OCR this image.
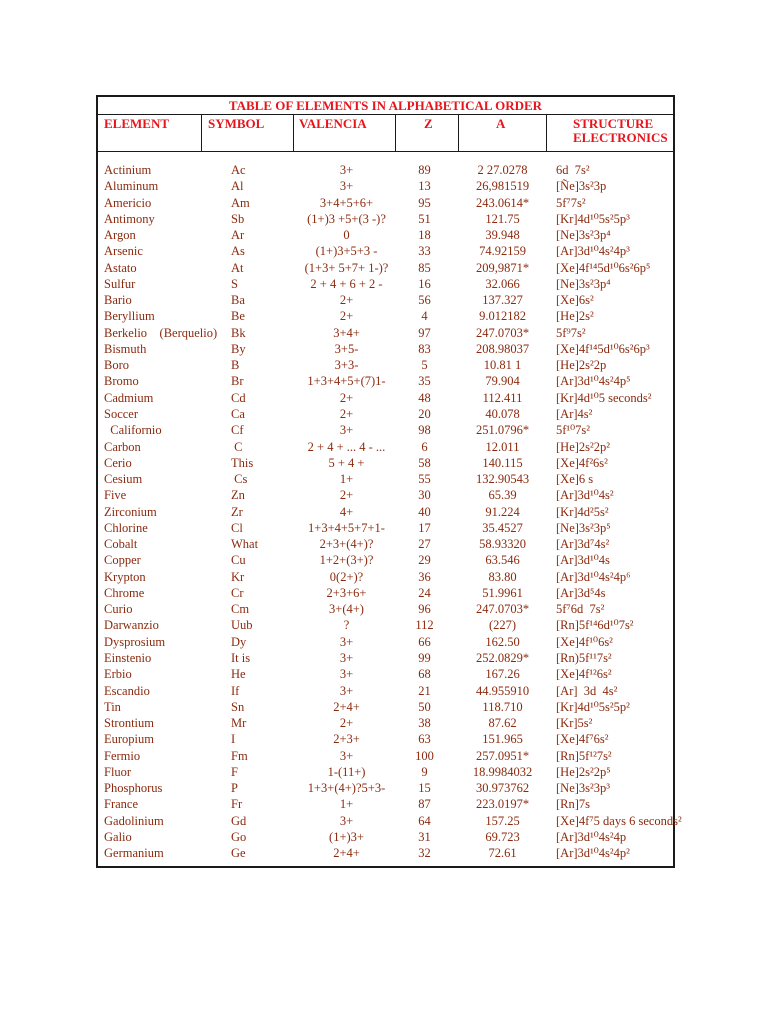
TABLE OF ELEMENTS IN ALPHABETICAL ORDER
ELEMENT	SYMBOL	VALENCIA	Z	A	STRUCTURE
ELECTRONICS
Actinium	Ac	3+	89	2 27.0278	6d  7s²
Aluminum	Al	3+	13	26,981519	[Ñe]3s²3p
Americio	Am	3+4+5+6+	95	243.0614*	5f⁷7s²
Antimony	Sb	(1+)3 +5+(3 -)?	51	121.75	[Kr]4d¹⁰5s²5p³
Argon	Ar	0	18	39.948	[Ne]3s²3p⁴
Arsenic	As	(1+)3+5+3 -	33	74.92159	[Ar]3d¹⁰4s²4p³
Astato	At	(1+3+ 5+7+ 1-)?	85	209,9871*	[Xe]4f¹⁴5d¹⁰6s²6p⁵
Sulfur	S	2 + 4 + 6 + 2 -	16	32.066	[Ne]3s²3p⁴
Bario	Ba	2+	56	137.327	[Xe]6s²
Beryllium	Be	2+	4	9.012182	[He]2s²
Berkelio    (Berquelio) Bk	3+4+	97	247.0703*	5f⁹7s²
Bismuth	By	3+5-	83	208.98037	[Xe]4f¹⁴5d¹⁰6s²6p³
Boro	B	3+3-	5	10.81 1	[He]2s²2p
Bromo	Br	1+3+4+5+(7)1-	35	79.904	[Ar]3d¹⁰4s²4p⁵
Cadmium	Cd	2+	48	112.411	[Kr]4d¹⁰5 seconds²
Soccer	Ca	2+	20	40.078	[Ar]4s²
Californio	Cf	3+	98	251.0796*	5f¹⁰7s²
Carbon	C	2 + 4 + ... 4 - ...	6	12.011	[He]2s²2p²
Cerio	This	5 + 4 +	58	140.115	[Xe]4f²6s²
Cesium	Cs	1+	55	132.90543	[Xe]6 s
Five	Zn	2+	30	65.39	[Ar]3d¹⁰4s²
Zirconium	Zr	4+	40	91.224	[Kr]4d²5s²
Chlorine	Cl	1+3+4+5+7+1-	17	35.4527	[Ne]3s²3p⁵
Cobalt	What	2+3+(4+)?	27	58.93320	[Ar]3d⁷4s²
Copper	Cu	1+2+(3+)?	29	63.546	[Ar]3d¹⁰4s
Krypton	Kr	0(2+)?	36	83.80	[Ar]3d¹⁰4s²4p⁶
Chrome	Cr	2+3+6+	24	51.9961	[Ar]3d⁵4s
Curio	Cm	3+(4+)	96	247.0703*	5f⁷6d  7s²
Darwanzio	Uub	?	112	(227)	[Rn]5f¹⁴6d¹⁰7s²
Dysprosium	Dy	3+	66	162.50	[Xe]4f¹⁰6s²
Einstenio	It is	3+	99	252.0829*	[Rn)5f¹¹7s²
Erbio	He	3+	68	167.26	[Xe]4f¹²6s²
Escandio	If	3+	21	44.955910	[Ar]  3d  4s²
Tin	Sn	2+4+	50	118.710	[Kr]4d¹⁰5s²5p²
Strontium	Mr	2+	38	87.62	[Kr]5s²
Europium	I	2+3+	63	151.965	[Xe]4f⁷6s²
Fermio	Fm	3+	100	257.0951*	[Rn]5f¹²7s²
Fluor	F	1-(11+)	9	18.9984032	[He]2s²2p⁵
Phosphorus	P	1+3+(4+)?5+3-	15	30.973762	[Ne]3s²3p³
France	Fr	1+	87	223.0197*	[Rn]7s
Gadolinium	Gd	3+	64	157.25	[Xe]4f⁷5 days 6 seconds²
Galio	Go	(1+)3+	31	69.723	[Ar]3d¹⁰4s²4p
Germanium	Ge	2+4+	32	72.61	[Ar]3d¹⁰4s²4p²
